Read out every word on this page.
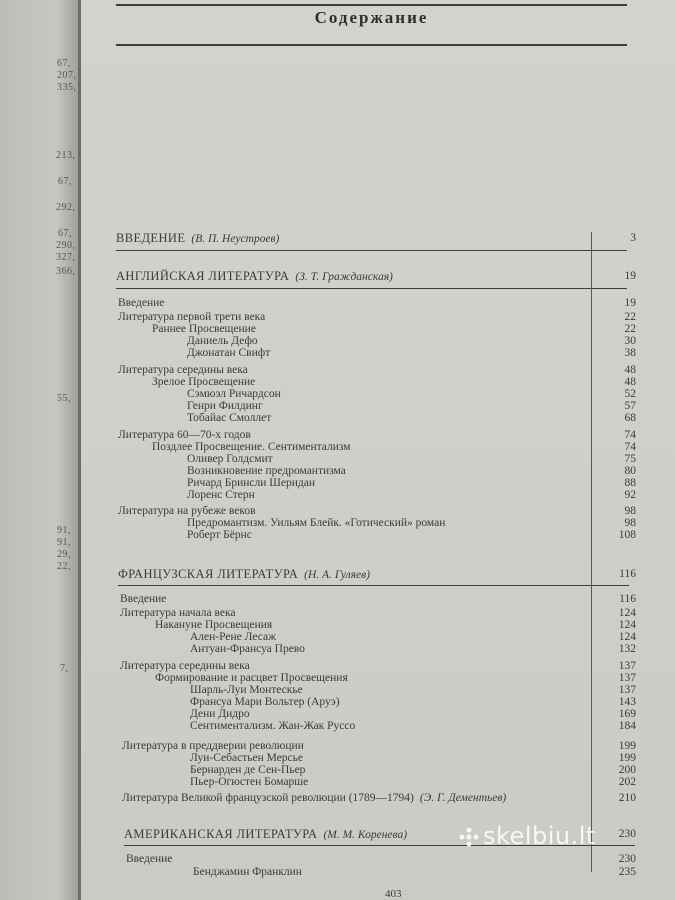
67,
207,
335,
213,
67,
292,
67,
290,
327,
366,
55,
91,
91,
29,
22,
7,
Содержание
ВВЕДЕНИЕ (В. П. Неустроев)	3
АНГЛИЙСКАЯ ЛИТЕРАТУРА (З. Т. Гражданская)	19
Введение	19
Литература первой трети века	22
Раннее Просвещение	22
Даниель Дефо	30
Джонатан Свифт	38
Литература середины века	48
Зрелое Просвещение	48
Сэмюэл Ричардсон	52
Генри Филдинг	57
Тобайас Смоллет	68
Литература 60—70-х годов	74
Поздлее Просвещение. Сентиментализм	74
Оливер Голдсмит	75
Возникновение предромантизма	80
Ричард Бринсли Шеридан	88
Лоренс Стерн	92
Литература на рубеже веков	98
Предромантизм. Уильям Блейк. «Готический» роман	98
Роберт Бёрнс	108
ФРАНЦУЗСКАЯ ЛИТЕРАТУРА (Н. А. Гуляев)	116
Введение	116
Литература начала века	124
Накануне Просвещения	124
Ален-Рене Лесаж	124
Антуан-Франсуа Прево	132
Литература середины века	137
Формирование и расцвет Просвещения	137
Шарль-Луи Монтескье	137
Франсуа Мари Вольтер (Аруэ)	143
Дени Дидро	169
Сентиментализм. Жан-Жак Руссо	184
Литература в преддверии революции	199
Луи-Себастьен Мерсье	199
Бернарден де Сен-Пьер	200
Пьер-Огюстен Бомарше	202
Литература Великой французской революции (1789—1794) (Э. Г. Дементьев)	210
АМЕРИКАНСКАЯ ЛИТЕРАТУРА (М. М. Коренева)	230
Введение	230
Бенджамин Франклин	235
403
skelbiu.lt
